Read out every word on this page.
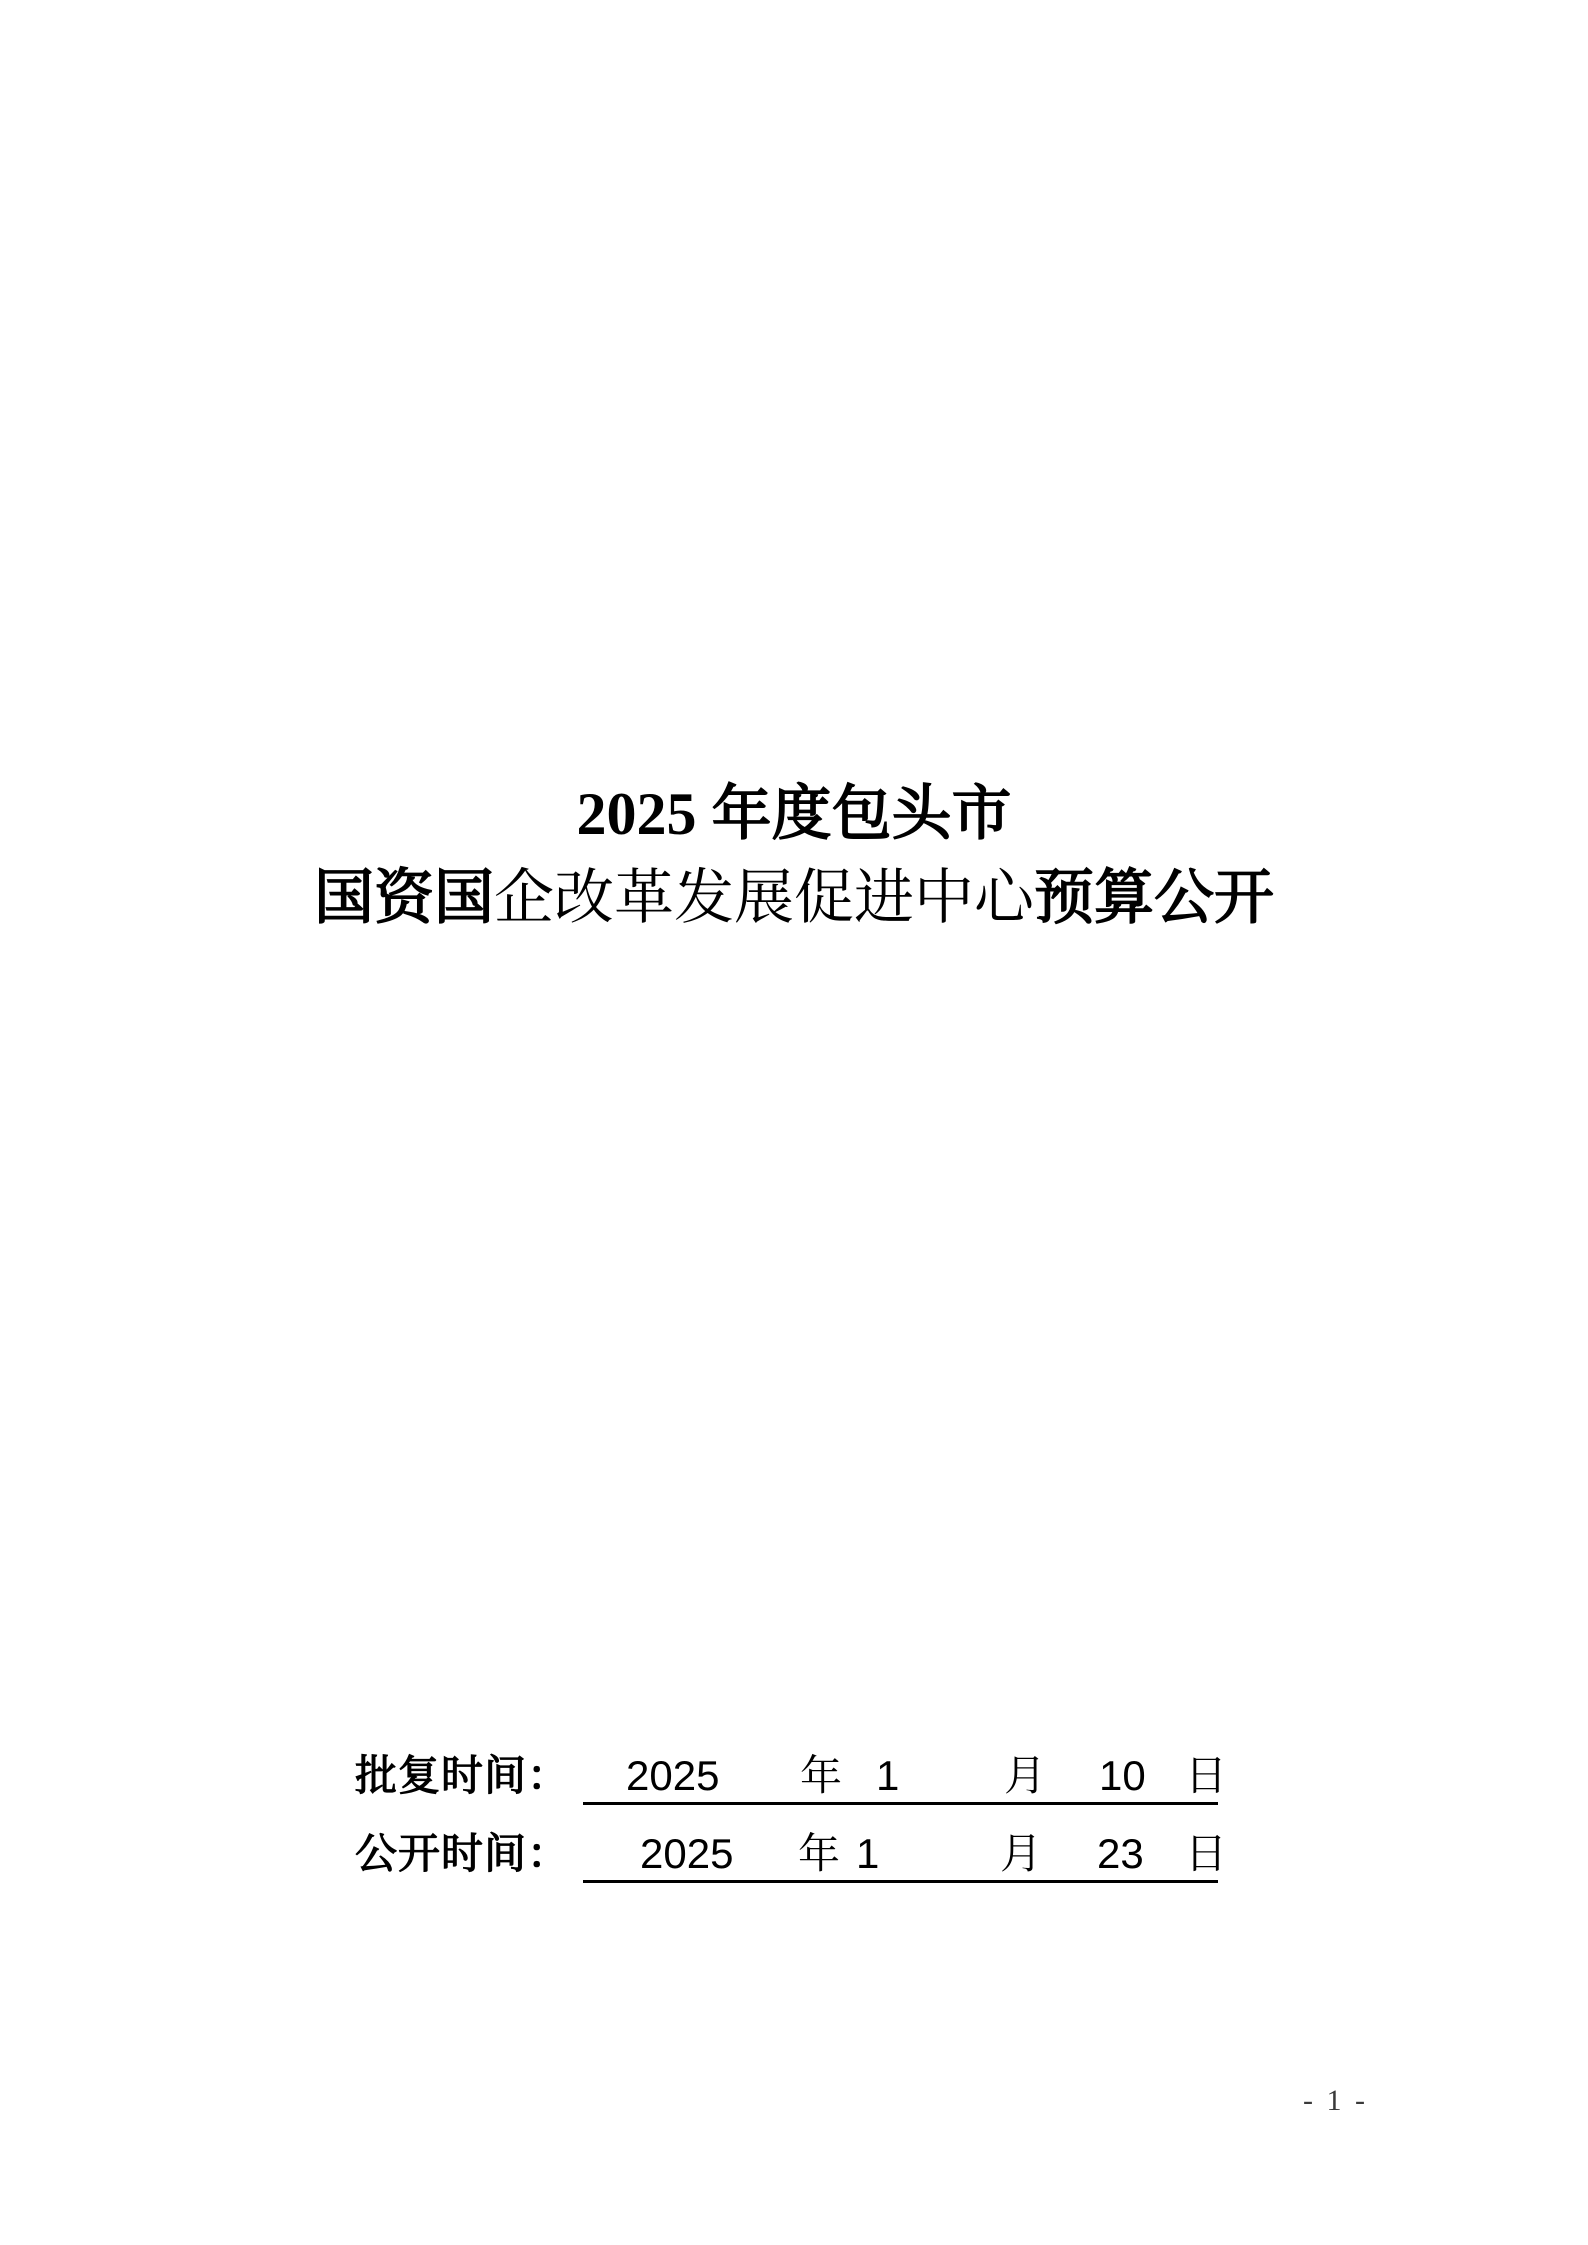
2025 年度包头市
国资国企改革发展促进中心预算公开
批复时间： 2025 年 1 月 10 日
公开时间： 2025 年 1	月 23 日
- 1 -
